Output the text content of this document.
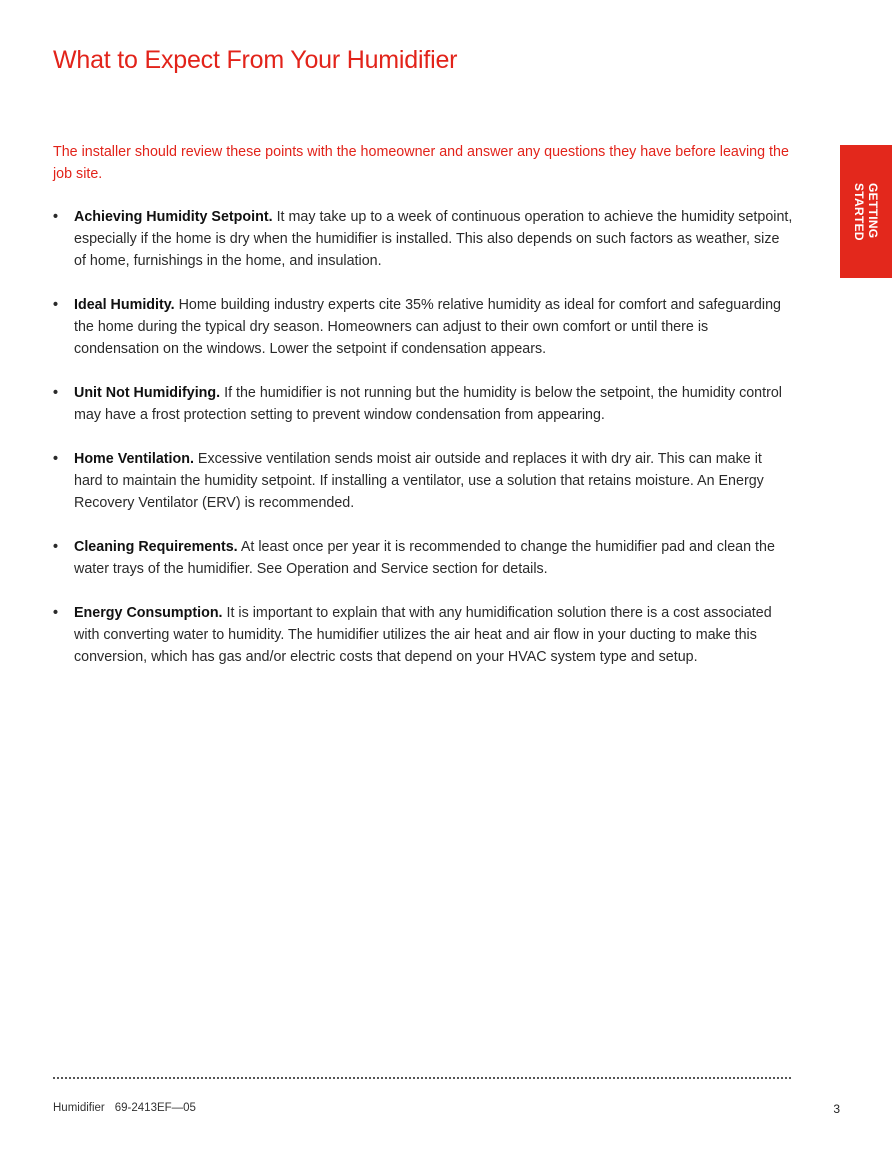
What to Expect From Your Humidifier

The installer should review these points with the homeowner and answer any questions they have before leaving the job site.

GETTING
STARTED
• Achieving Humidity Setpoint. It may take up to a week of continuous operation to achieve the humidity setpoint, especially if the home is dry when the humidifier is installed. This also depends on such factors as weather, size of home, furnishings in the home, and insulation.
• Ideal Humidity. Home building industry experts cite 35% relative humidity as ideal for comfort and safeguarding the home during the typical dry season. Homeowners can adjust to their own comfort or until there is condensation on the windows. Lower the setpoint if condensation appears.
• Unit Not Humidifying. If the humidifier is not running but the humidity is below the setpoint, the humidity control may have a frost protection setting to prevent window condensation from appearing.
• Home Ventilation. Excessive ventilation sends moist air outside and replaces it with dry air. This can make it hard to maintain the humidity setpoint. If installing a ventilator, use a solution that retains moisture. An Energy Recovery Ventilator (ERV) is recommended.
• Cleaning Requirements. At least once per year it is recommended to change the humidifier pad and clean the water trays of the humidifier. See Operation and Service section for details.
• Energy Consumption. It is important to explain that with any humidification solution there is a cost associated with converting water to humidity. The humidifier utilizes the air heat and air flow in your ducting to make this conversion, which has gas and/or electric costs that depend on your HVAC system type and setup.
Humidifier 69-2413EF—05	3
